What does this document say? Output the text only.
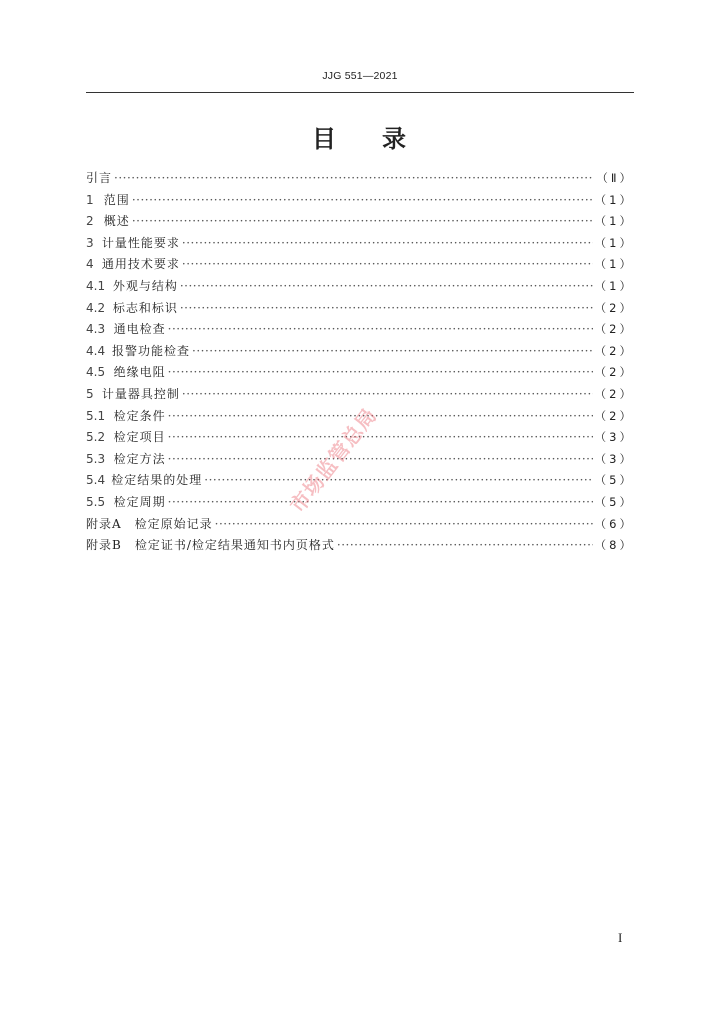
JJG 551—2021
目 录
引言 ·····	（Ⅱ）
1 范围 ·····	（1）
2 概述 ·····	（1）
3 计量性能要求 ·····	（1）
4 通用技术要求 ·····	（1）
4.1 外观与结构 ·····	（1）
4.2 标志和标识 ·····	（2）
4.3 通电检查 ·····	（2）
4.4 报警功能检查 ·····	（2）
4.5 绝缘电阻 ·····	（2）
5 计量器具控制 ·····	（2）
5.1 检定条件 ·····	（2）
5.2 检定项目 ·····	（3）
5.3 检定方法 ·····	（3）
5.4 检定结果的处理 ·····	（5）
5.5 检定周期 ·····	（5）
附录A　检定原始记录 ·····	（6）
附录B　检定证书/检定结果通知书内页格式 ·····	（8）
市场监管总局
I
